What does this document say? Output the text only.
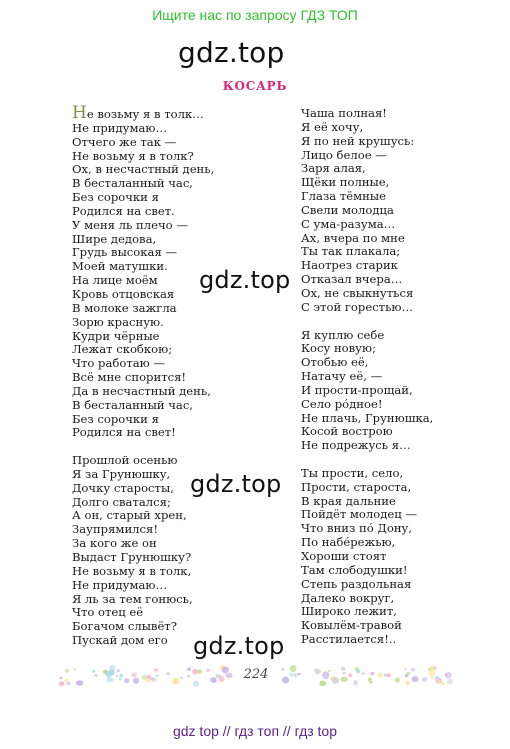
Ищите нас по запросу ГДЗ ТОП
gdz.top
КОСАРЬ
Не возьму я в толк…
Не придумаю…
Отчего же так —
Не возьму я в толк?
Ох, в несчастный день,
В бесталанный час,
Без сорочки я
Родился на свет.
У меня ль плечо —
Шире дедова,
Грудь высокая —
Моей матушки.
На лице моём
Кровь отцовская
В молоке зажгла
Зорю красную.
Кудри чёрные
Лежат скобкою;
Что работаю —
Всё мне спорится!
Да в несчастный день,
В бесталанный час,
Без сорочки я
Родился на свет!
Прошлой осенью
Я за Грунюшку,
Дочку старосты,
Долго сватался;
А он, старый хрен,
Заупрямился!
За кого же он
Выдаст Грунюшку?
Не возьму я в толк,
Не придумаю…
Я ль за тем гонюсь,
Что отец её
Богачом слывёт?
Пускай дом его
Чаша полная!
Я её хочу,
Я по ней крушусь:
Лицо белое —
Заря алая,
Щёки полные,
Глаза тёмные
Свели молодца
С ума-разума…
Ах, вчера по мне
Ты так плакала;
Наотрез старик
Отказал вчера…
Ох, не свыкнуться
С этой горестью…
Я куплю себе
Косу новую;
Отобью её,
Натачу её, —
И прости-прощай,
Село ро́дное!
Не плачь, Грунюшка,
Косой вострою
Не подрежусь я…
Ты прости, село,
Прости, староста,
В края дальние
Пойдёт молодец —
Что вниз по́ Дону,
По набе́режью,
Хороши стоят
Там слободушки!
Степь раздольная
Далеко вокруг,
Широко лежит,
Ковылём-травой
Расстилается!..
gdz.top
gdz.top
gdz.top
224
gdz top // гдз топ // гдз top
